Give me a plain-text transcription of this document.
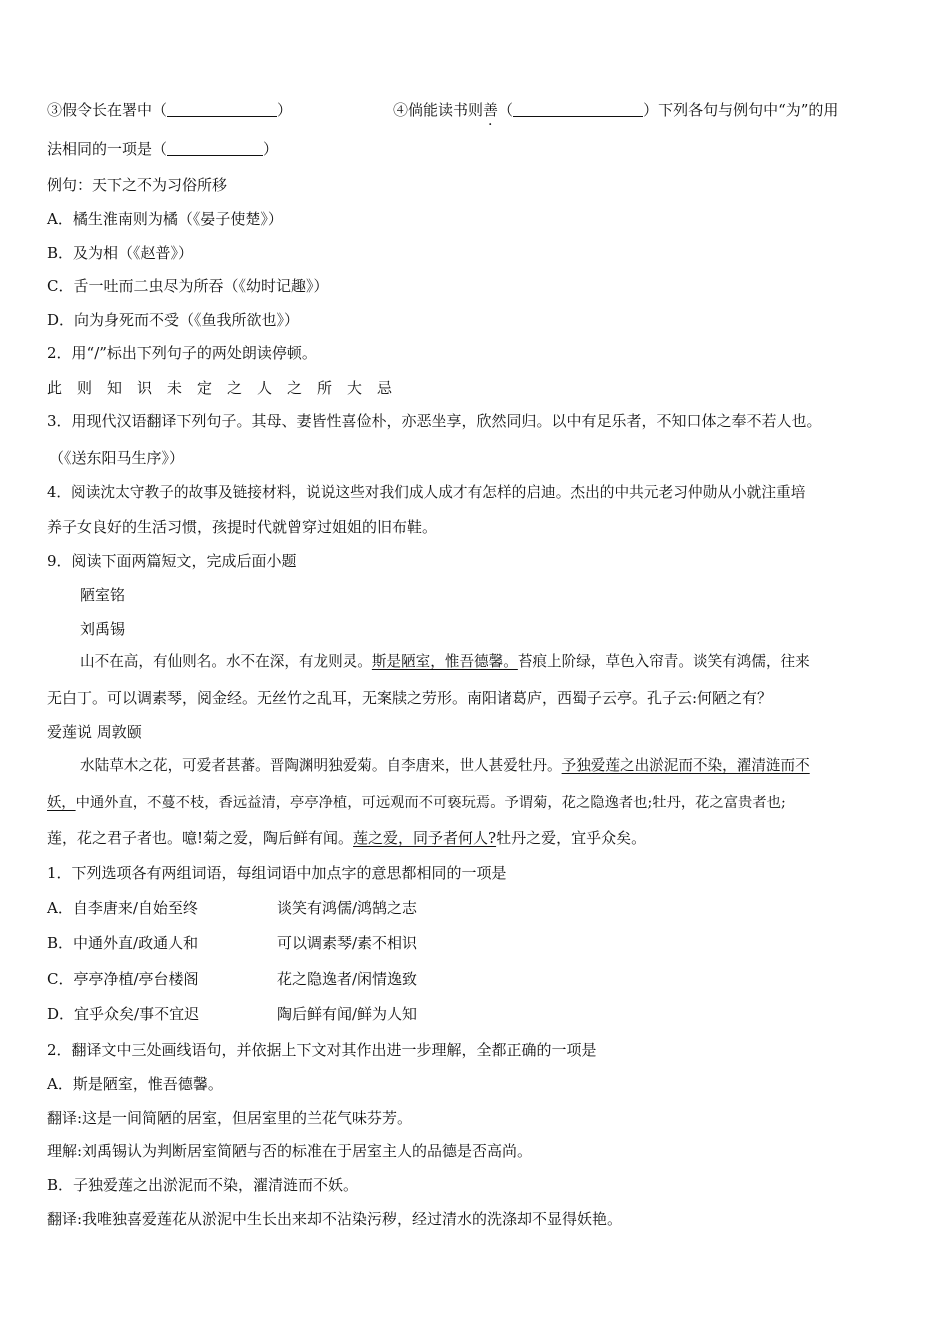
③假令长在署中（	）	④倘能读书则善（	）下列各句与例句中“为”的用
法相同的一项是（	）
例句：天下之不为习俗所移
A．橘生淮南则为橘（《晏子使楚》）
B．及为相（《赵普》）
C．舌一吐而二虫尽为所吞（《幼时记趣》）
D．向为身死而不受（《鱼我所欲也》）
2．用“/”标出下列句子的两处朗读停顿。
此则知识未定之人之所大忌
3．用现代汉语翻译下列句子。其母、妻皆性喜俭朴，亦恶坐享，欣然同归。以中有足乐者，不知口体之奉不若人也。
（《送东阳马生序》）
4．阅读沈太守教子的故事及链接材料，说说这些对我们成人成才有怎样的启迪。杰出的中共元老习仲勋从小就注重培
养子女良好的生活习惯，孩提时代就曾穿过姐姐的旧布鞋。
9．阅读下面两篇短文，完成后面小题
陋室铭
刘禹锡
山不在高，有仙则名。水不在深，有龙则灵。斯是陋室，惟吾德馨。苔痕上阶绿，草色入帘青。谈笑有鸿儒，往来
无白丁。可以调素琴，阅金经。无丝竹之乱耳，无案牍之劳形。南阳诸葛庐，西蜀子云亭。孔子云:何陋之有？
爱莲说 周敦颐
水陆草木之花，可爱者甚蕃。晋陶渊明独爱菊。自李唐来，世人甚爱牡丹。予独爱莲之出淤泥而不染，濯清涟而不
妖，中通外直，不蔓不枝，香远益清，亭亭净植，可远观而不可亵玩焉。予谓菊，花之隐逸者也;牡丹，花之富贵者也;
莲，花之君子者也。噫!菊之爱，陶后鲜有闻。莲之爱，同予者何人?牡丹之爱，宜乎众矣。
1．下列选项各有两组词语，每组词语中加点字的意思都相同的一项是
A．自李唐来/自始至终	谈笑有鸿儒/鸿鹄之志
B．中通外直/政通人和	可以调素琴/素不相识
C．亭亭净植/亭台楼阁	花之隐逸者/闲情逸致
D．宜乎众矣/事不宜迟	陶后鲜有闻/鲜为人知
2．翻译文中三处画线语句，并依据上下文对其作出进一步理解，全都正确的一项是
A．斯是陋室，惟吾德馨。
翻译:这是一间简陋的居室，但居室里的兰花气味芬芳。
理解:刘禹锡认为判断居室简陋与否的标准在于居室主人的品德是否高尚。
B．子独爱莲之出淤泥而不染，濯清涟而不妖。
翻译:我唯独喜爱莲花从淤泥中生长出来却不沾染污秽，经过清水的洗涤却不显得妖艳。
